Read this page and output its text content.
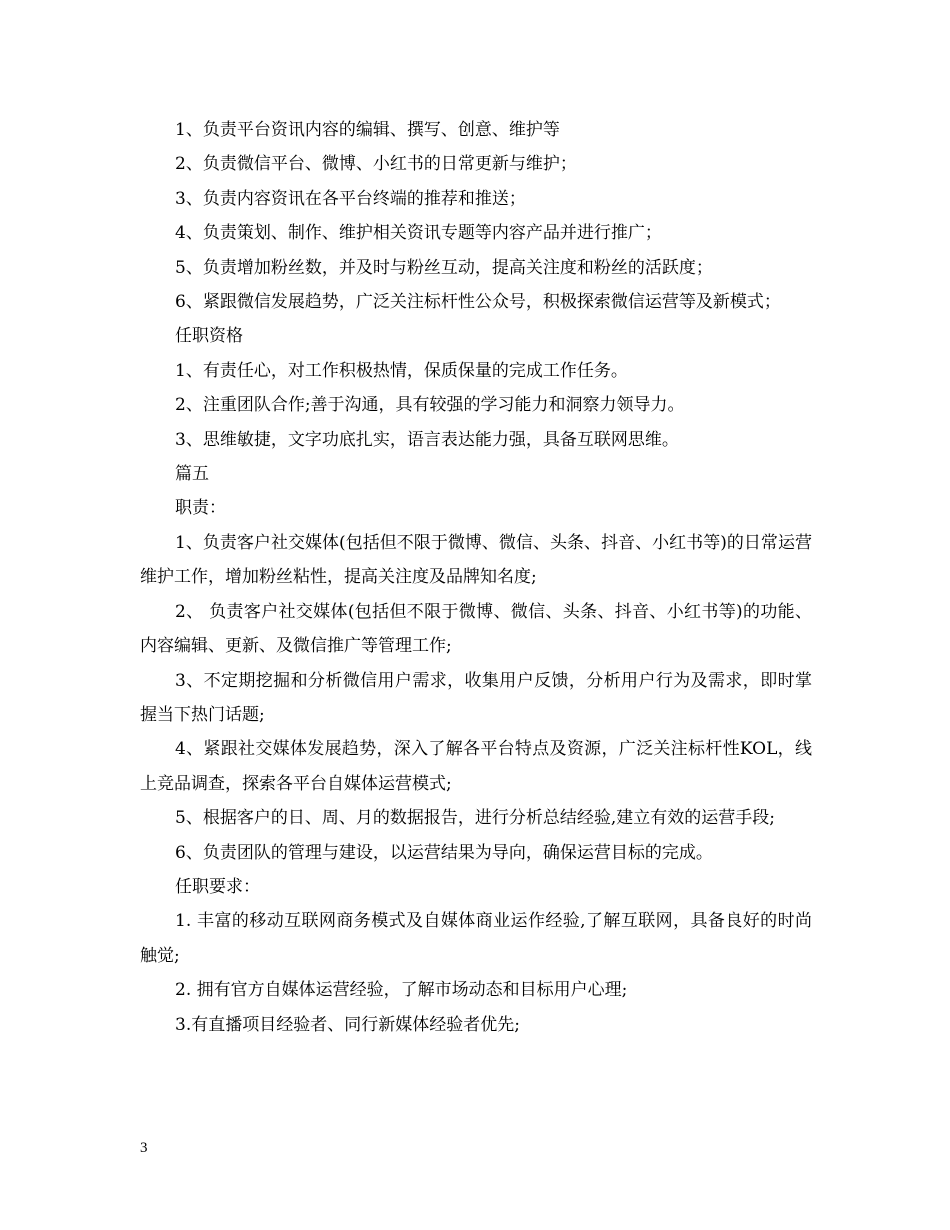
1、负责平台资讯内容的编辑、撰写、创意、维护等

2、负责微信平台、微博、小红书的日常更新与维护；

3、负责内容资讯在各平台终端的推荐和推送；

4、负责策划、制作、维护相关资讯专题等内容产品并进行推广；

5、负责增加粉丝数，并及时与粉丝互动，提高关注度和粉丝的活跃度；

6、紧跟微信发展趋势，广泛关注标杆性公众号，积极探索微信运营等及新模式；

任职资格

1、有责任心，对工作积极热情，保质保量的完成工作任务。

2、注重团队合作;善于沟通，具有较强的学习能力和洞察力领导力。

3、思维敏捷，文字功底扎实，语言表达能力强，具备互联网思维。

篇五

职责：

1、负责客户社交媒体(包括但不限于微博、微信、头条、抖音、小红书等)的日常运营维护工作，增加粉丝粘性，提高关注度及品牌知名度;

2、 负责客户社交媒体(包括但不限于微博、微信、头条、抖音、小红书等)的功能、内容编辑、更新、及微信推广等管理工作;

3、不定期挖掘和分析微信用户需求，收集用户反馈，分析用户行为及需求，即时掌握当下热门话题;

4、紧跟社交媒体发展趋势，深入了解各平台特点及资源，广泛关注标杆性KOL，线上竞品调查，探索各平台自媒体运营模式;

5、根据客户的日、周、月的数据报告，进行分析总结经验,建立有效的运营手段;

6、负责团队的管理与建设，以运营结果为导向，确保运营目标的完成。

任职要求：

1. 丰富的移动互联网商务模式及自媒体商业运作经验,了解互联网，具备良好的时尚触觉;

2. 拥有官方自媒体运营经验，了解市场动态和目标用户心理;

3.有直播项目经验者、同行新媒体经验者优先;

3
